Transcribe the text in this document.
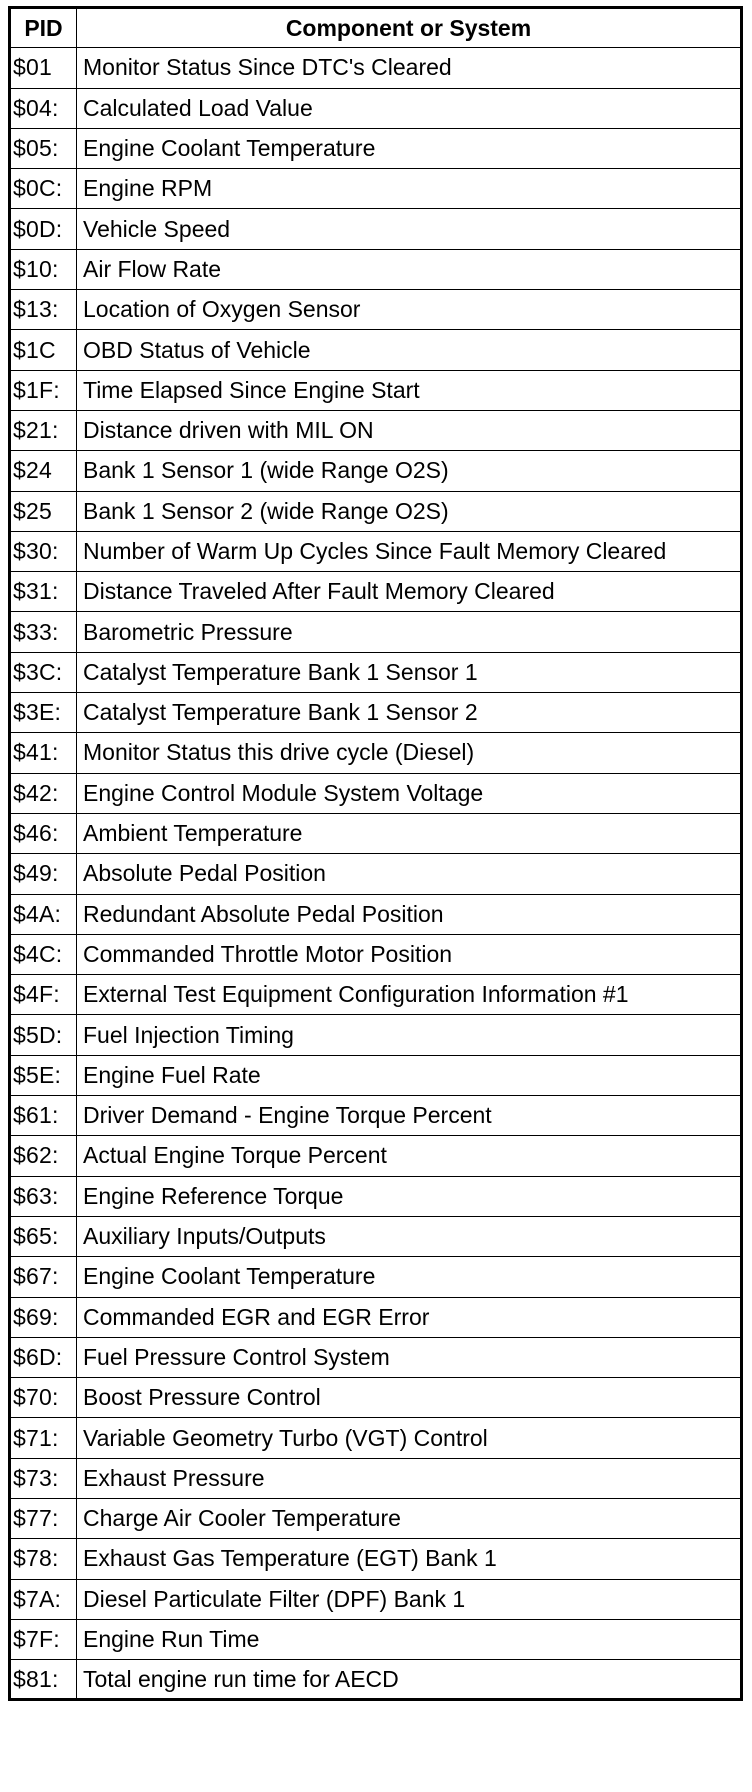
PID	Component or System
$01	Monitor Status Since DTC's Cleared
$04:	Calculated Load Value
$05:	Engine Coolant Temperature
$0C:	Engine RPM
$0D:	Vehicle Speed
$10:	Air Flow Rate
$13:	Location of Oxygen Sensor
$1C	OBD Status of Vehicle
$1F:	Time Elapsed Since Engine Start
$21:	Distance driven with MIL ON
$24	Bank 1 Sensor 1 (wide Range O2S)
$25	Bank 1 Sensor 2 (wide Range O2S)
$30:	Number of Warm Up Cycles Since Fault Memory Cleared
$31:	Distance Traveled After Fault Memory Cleared
$33:	Barometric Pressure
$3C:	Catalyst Temperature Bank 1 Sensor 1
$3E:	Catalyst Temperature Bank 1 Sensor 2
$41:	Monitor Status this drive cycle (Diesel)
$42:	Engine Control Module System Voltage
$46:	Ambient Temperature
$49:	Absolute Pedal Position
$4A:	Redundant Absolute Pedal Position
$4C:	Commanded Throttle Motor Position
$4F:	External Test Equipment Configuration Information #1
$5D:	Fuel Injection Timing
$5E:	Engine Fuel Rate
$61:	Driver Demand - Engine Torque Percent
$62:	Actual Engine Torque Percent
$63:	Engine Reference Torque
$65:	Auxiliary Inputs/Outputs
$67:	Engine Coolant Temperature
$69:	Commanded EGR and EGR Error
$6D:	Fuel Pressure Control System
$70:	Boost Pressure Control
$71:	Variable Geometry Turbo (VGT) Control
$73:	Exhaust Pressure
$77:	Charge Air Cooler Temperature
$78:	Exhaust Gas Temperature (EGT) Bank 1
$7A:	Diesel Particulate Filter (DPF) Bank 1
$7F:	Engine Run Time
$81:	Total engine run time for AECD
